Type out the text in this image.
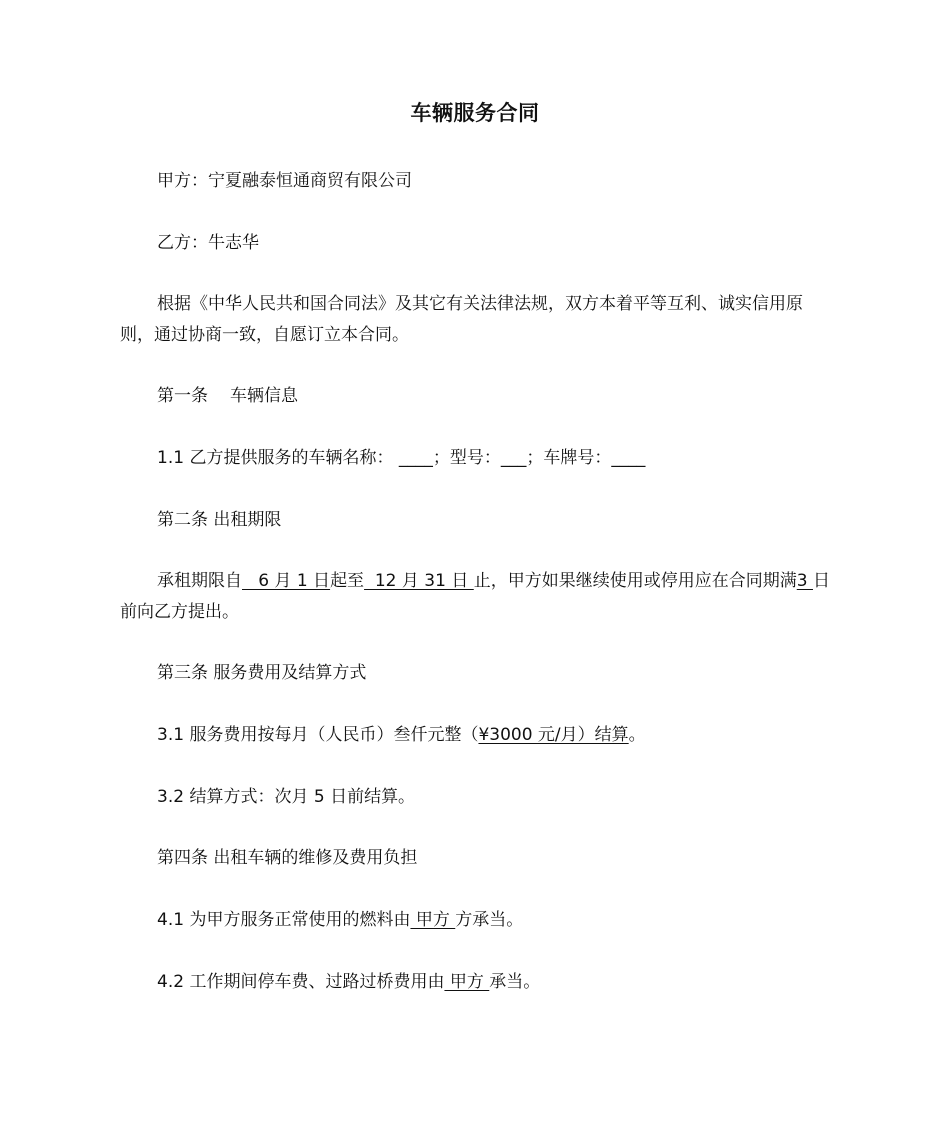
车辆服务合同
甲方：宁夏融泰恒通商贸有限公司
乙方：牛志华
根据《中华人民共和国合同法》及其它有关法律法规，双方本着平等互利、诚实信用原则，通过协商一致，自愿订立本合同。
第一条 车辆信息
1.1 乙方提供服务的车辆名称： ____；型号：___；车牌号：____
第二条 出租期限
承租期限自   6 月 1 日起至  12 月 31 日 止，甲方如果继续使用或停用应在合同期满3 日前向乙方提出。
第三条 服务费用及结算方式
3.1 服务费用按每月（人民币）叁仟元整（¥3000 元/月）结算。
3.2 结算方式：次月 5 日前结算。
第四条 出租车辆的维修及费用负担
4.1 为甲方服务正常使用的燃料由 甲方 方承当。
4.2 工作期间停车费、过路过桥费用由 甲方 承当。
